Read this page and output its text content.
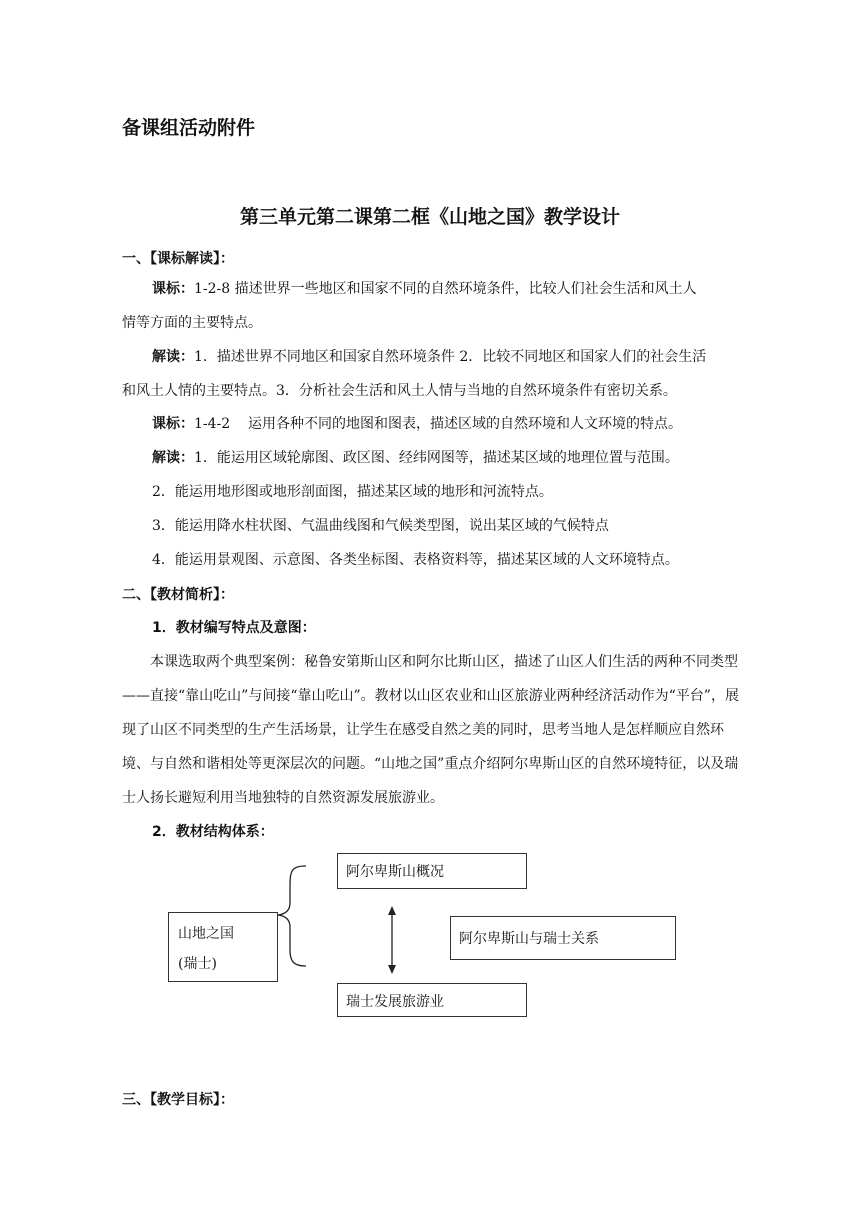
备课组活动附件
第三单元第二课第二框《山地之国》教学设计
一、【课标解读】：
课标：1-2-8 描述世界一些地区和国家不同的自然环境条件，比较人们社会生活和风土人
情等方面的主要特点。
解读：1．描述世界不同地区和国家自然环境条件 2．比较不同地区和国家人们的社会生活
和风土人情的主要特点。3．分析社会生活和风土人情与当地的自然环境条件有密切关系。
课标：1-4-2    运用各种不同的地图和图表，描述区域的自然环境和人文环境的特点。
解读：1．能运用区域轮廓图、政区图、经纬网图等，描述某区域的地理位置与范围。
2．能运用地形图或地形剖面图，描述某区域的地形和河流特点。
3．能运用降水柱状图、气温曲线图和气候类型图，说出某区域的气候特点
4．能运用景观图、示意图、各类坐标图、表格资料等，描述某区域的人文环境特点。
二、【教材简析】：
1．教材编写特点及意图：
本课选取两个典型案例：秘鲁安第斯山区和阿尔比斯山区，描述了山区人们生活的两种不同类型——直接“靠山吃山”与间接“靠山吃山”。教材以山区农业和山区旅游业两种经济活动作为“平台”，展现了山区不同类型的生产生活场景，让学生在感受自然之美的同时，思考当地人是怎样顺应自然环境、与自然和谐相处等更深层次的问题。“山地之国”重点介绍阿尔卑斯山区的自然环境特征，以及瑞士人扬长避短利用当地独特的自然资源发展旅游业。
2．教材结构体系：
山地之国
(瑞士)
阿尔卑斯山概况
阿尔卑斯山与瑞士关系
瑞士发展旅游业
三、【教学目标】：
